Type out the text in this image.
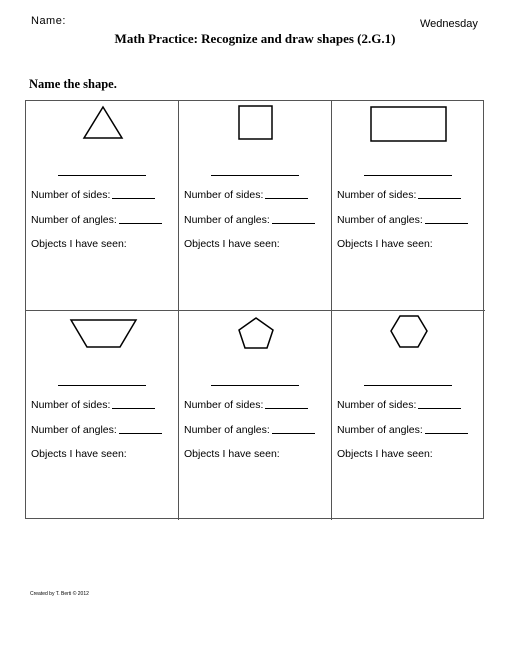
Name:	Wednesday
Math Practice: Recognize and draw shapes (2.G.1)
Name the shape.
Number of sides:
Number of angles:
Objects I have seen:
Number of sides:
Number of angles:
Objects I have seen:
Number of sides:
Number of angles:
Objects I have seen:
Number of sides:
Number of angles:
Objects I have seen:
Number of sides:
Number of angles:
Objects I have seen:
Number of sides:
Number of angles:
Objects I have seen:
Created by T. Berti © 2012
